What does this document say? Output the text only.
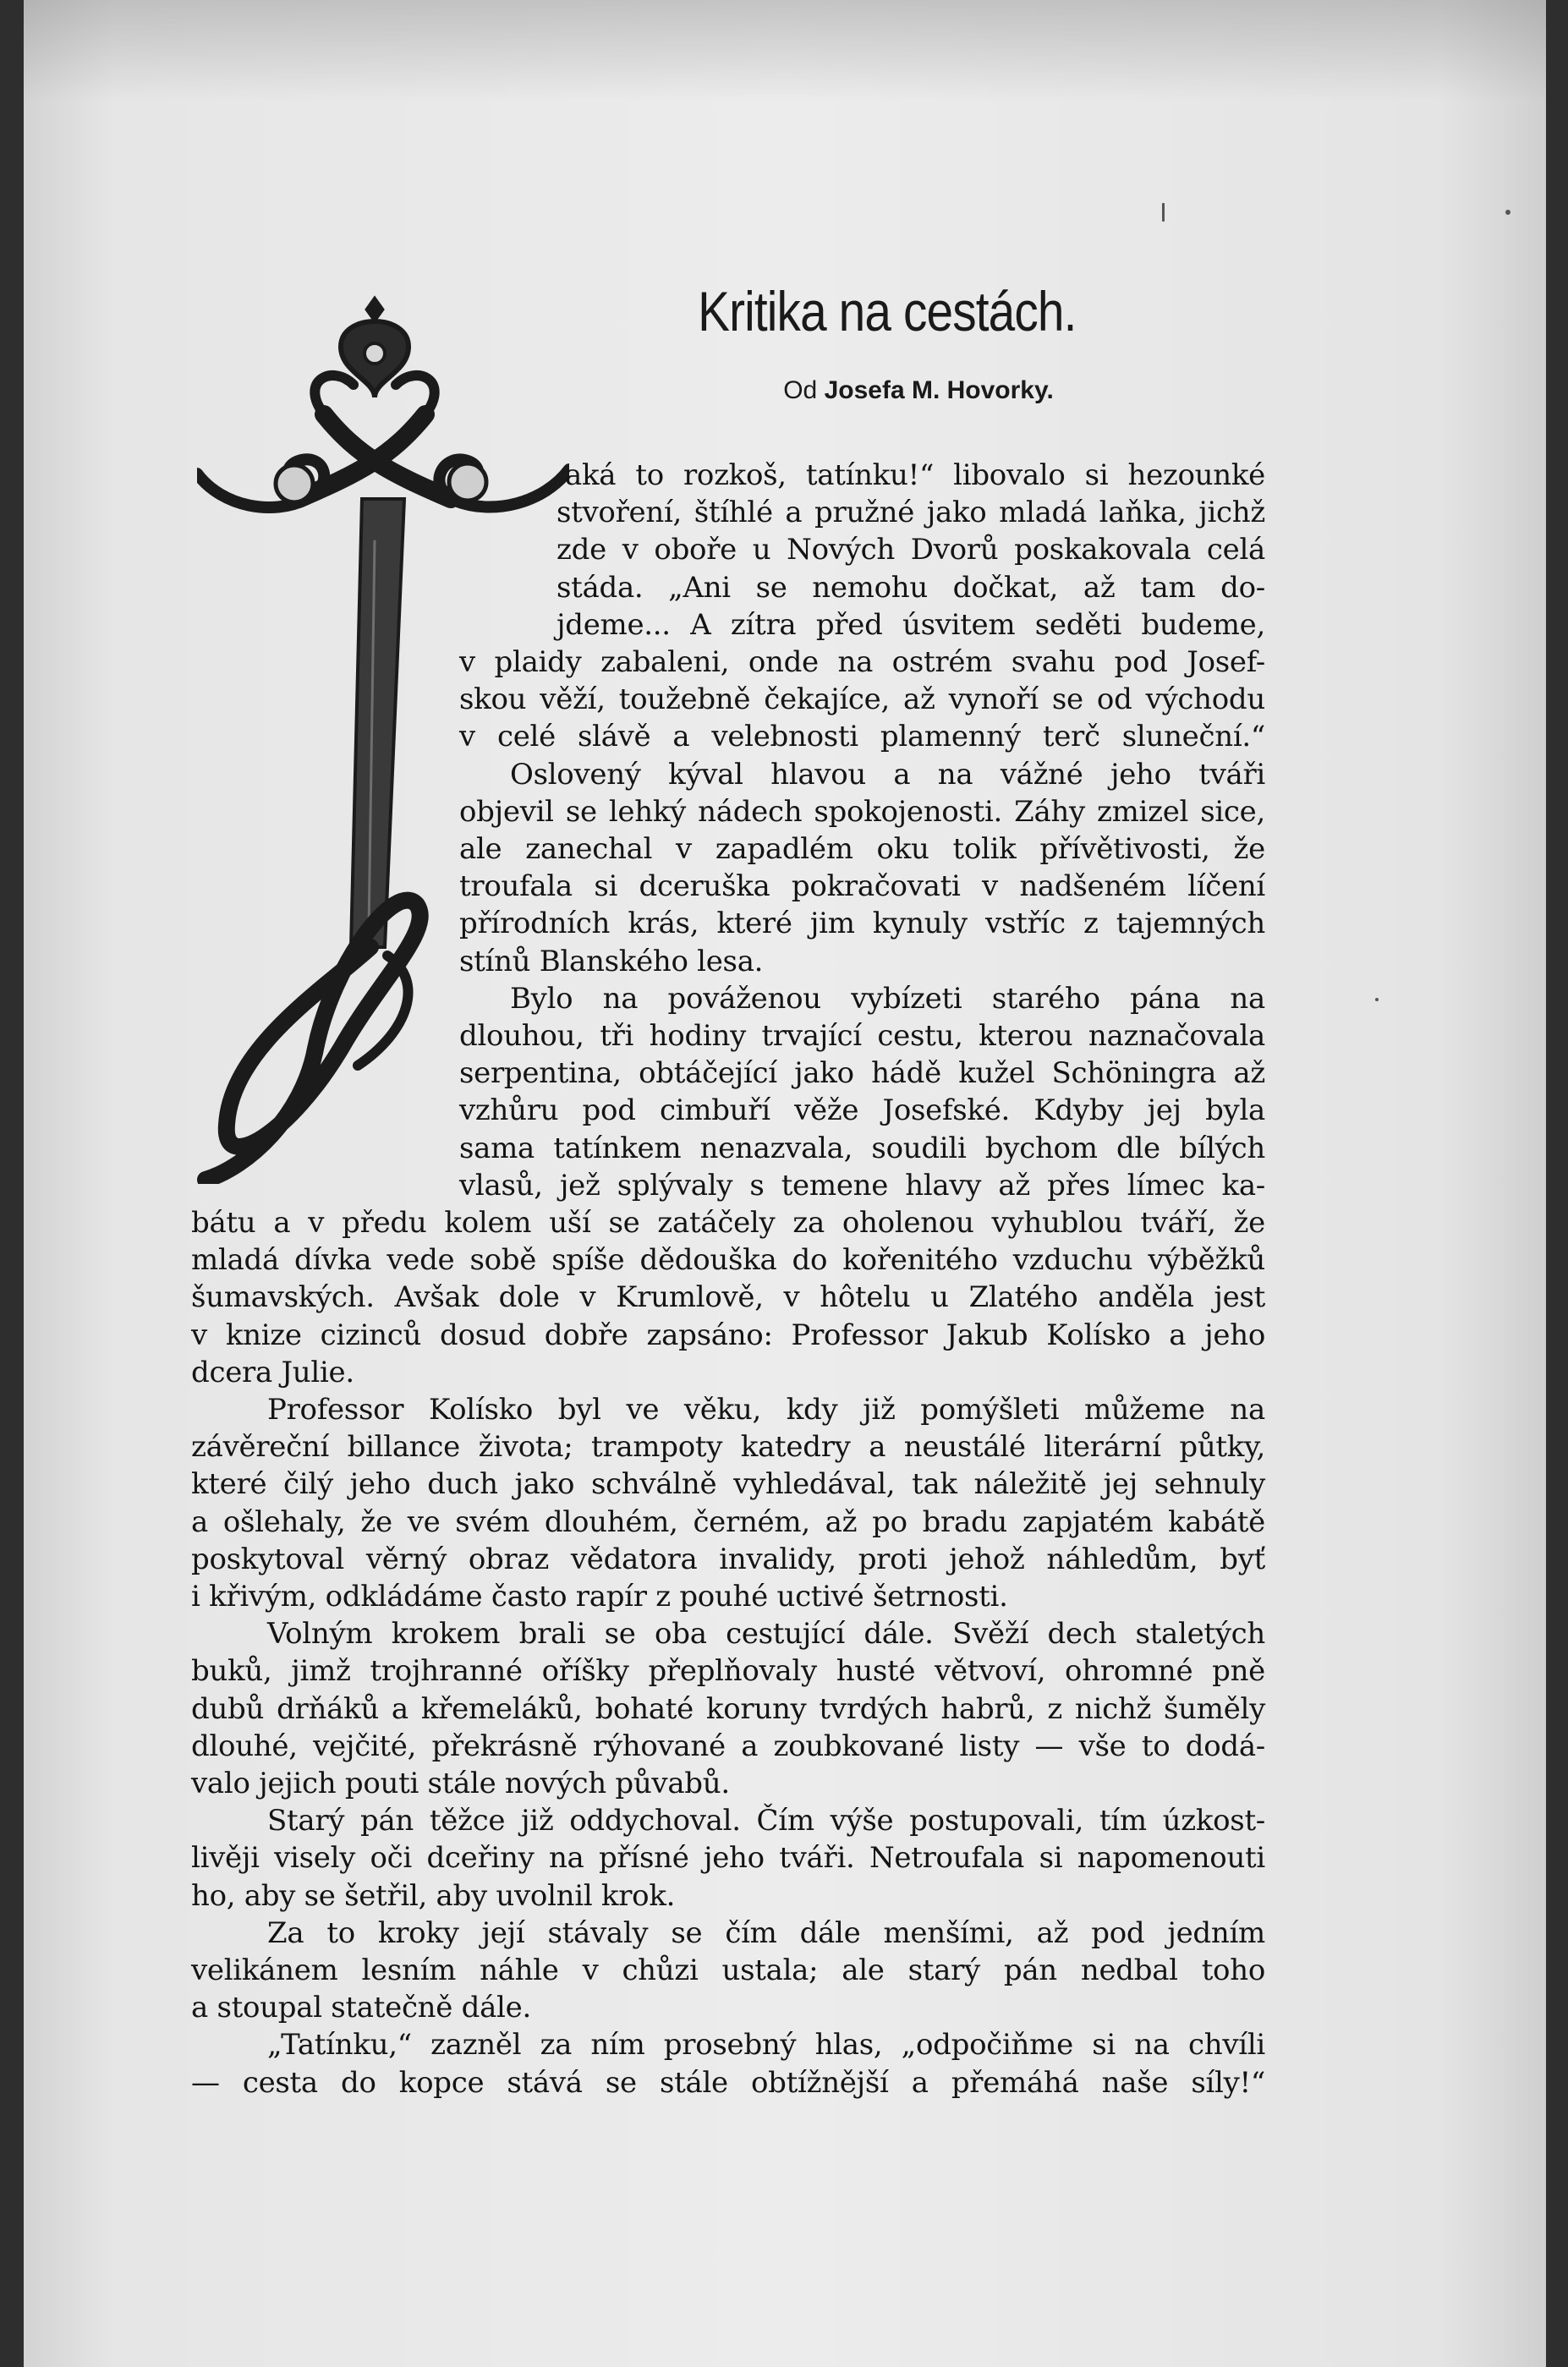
Kritika na cestách.
Od Josefa M. Hovorky.
aká to rozkoš, tatínku!“ libovalo si hezounké
stvoření, štíhlé a pružné jako mladá laňka, jichž
zde v oboře u Nových Dvorů poskakovala celá
stáda. „Ani se nemohu dočkat, až tam do-
jdeme... A zítra před úsvitem seděti budeme,
v plaidy zabaleni, onde na ostrém svahu pod Josef-
skou věží, toužebně čekajíce, až vynoří se od východu
v celé slávě a velebnosti plamenný terč sluneční.“
Oslovený kýval hlavou a na vážné jeho tváři
objevil se lehký nádech spokojenosti. Záhy zmizel sice,
ale zanechal v zapadlém oku tolik přívětivosti, že
troufala si dceruška pokračovati v nadšeném líčení
přírodních krás, které jim kynuly vstříc z tajemných
stínů Blanského lesa.
Bylo na pováženou vybízeti starého pána na
dlouhou, tři hodiny trvající cestu, kterou naznačovala
serpentina, obtáčející jako hádě kužel Schöningra až
vzhůru pod cimbuří věže Josefské. Kdyby jej byla
sama tatínkem nenazvala, soudili bychom dle bílých
vlasů, jež splývaly s temene hlavy až přes límec ka-
bátu a v předu kolem uší se zatáčely za oholenou vyhublou tváří, že
mladá dívka vede sobě spíše dědouška do kořenitého vzduchu výběžků
šumavských. Avšak dole v Krumlově, v hôtelu u Zlatého anděla jest
v knize cizinců dosud dobře zapsáno: Professor Jakub Kolísko a jeho
dcera Julie.
Professor Kolísko byl ve věku, kdy již pomýšleti můžeme na
závěreční billance života; trampoty katedry a neustálé literární půtky,
které čilý jeho duch jako schválně vyhledával, tak náležitě jej sehnuly
a ošlehaly, že ve svém dlouhém, černém, až po bradu zapjatém kabátě
poskytoval věrný obraz vědatora invalidy, proti jehož náhledům, byť
i křivým, odkládáme často rapír z pouhé uctivé šetrnosti.
Volným krokem brali se oba cestující dále. Svěží dech staletých
buků, jimž trojhranné oříšky přeplňovaly husté větvoví, ohromné pně
dubů drňáků a křemeláků, bohaté koruny tvrdých habrů, z nichž šuměly
dlouhé, vejčité, překrásně rýhované a zoubkované listy — vše to dodá-
valo jejich pouti stále nových půvabů.
Starý pán těžce již oddychoval. Čím výše postupovali, tím úzkost-
livěji visely oči dceřiny na přísné jeho tváři. Netroufala si napomenouti
ho, aby se šetřil, aby uvolnil krok.
Za to kroky její stávaly se čím dále menšími, až pod jedním
velikánem lesním náhle v chůzi ustala; ale starý pán nedbal toho
a stoupal statečně dále.
„Tatínku,“ zazněl za ním prosebný hlas, „odpočiňme si na chvíli
— cesta do kopce stává se stále obtížnější a přemáhá naše síly!“
